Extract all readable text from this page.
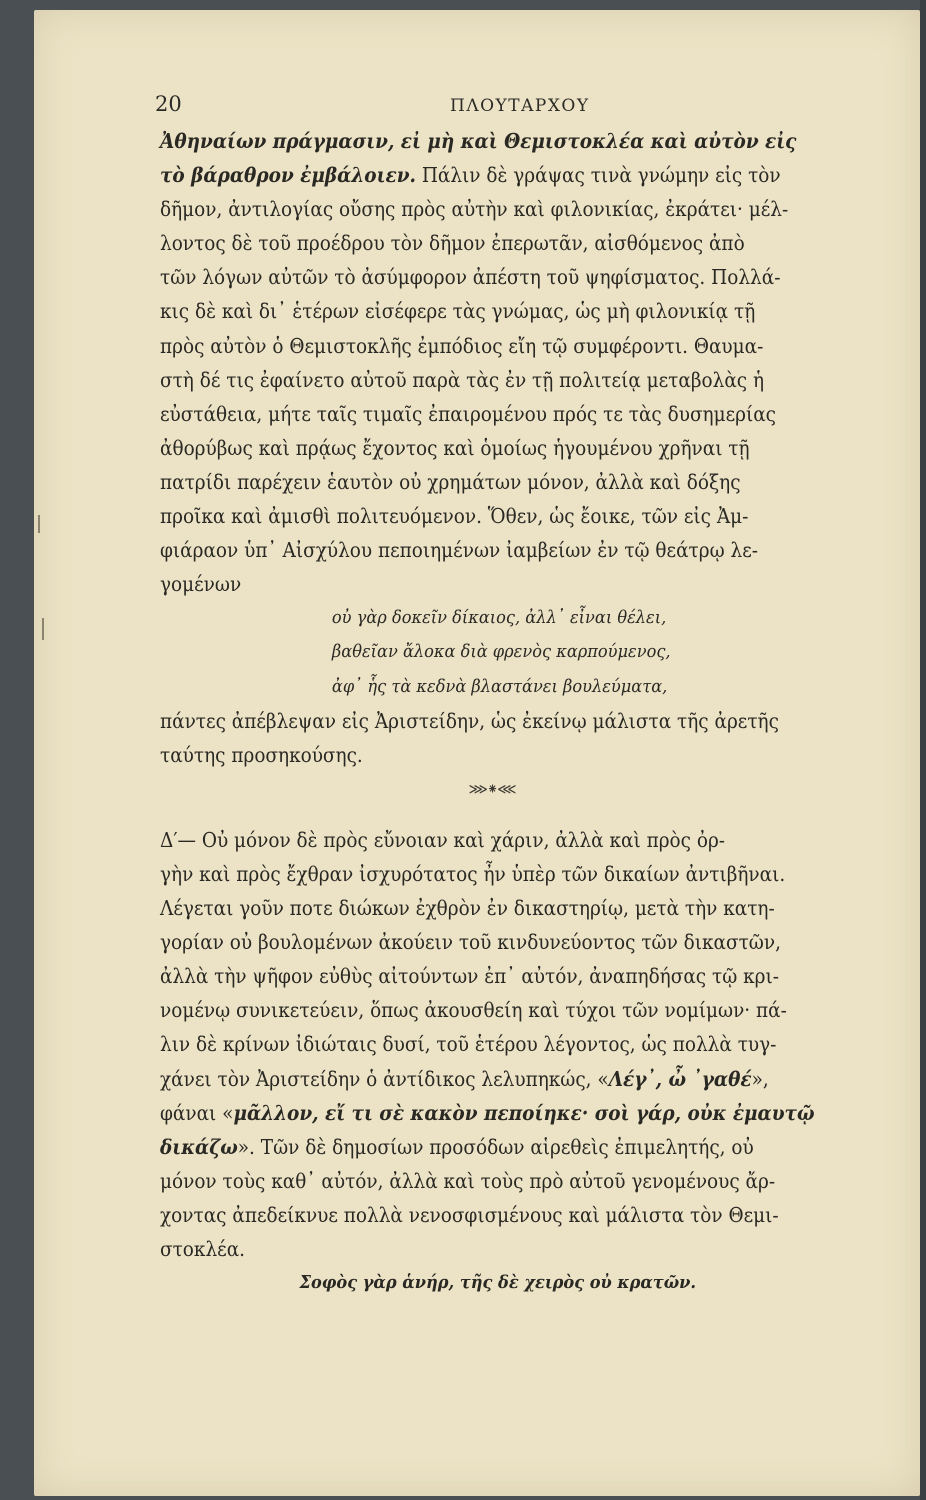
20	ΠΛΟΥΤΑΡΧΟΥ
Ἀθηναίων πράγμασιν, εἰ μὴ καὶ Θεμιστοκλέα καὶ αὐτὸν εἰς
τὸ βάραθρον ἐμβάλοιεν. Πάλιν δὲ γράψας τινὰ γνώμην εἰς τὸν
δῆμον, ἀντιλογίας οὔσης πρὸς αὐτὴν καὶ φιλονικίας, ἐκράτει· μέλ-
λοντος δὲ τοῦ προέδρου τὸν δῆμον ἐπερωτᾶν, αἰσθόμενος ἀπὸ
τῶν λόγων αὐτῶν τὸ ἀσύμφορον ἀπέστη τοῦ ψηφίσματος. Πολλά-
κις δὲ καὶ δι᾿ ἑτέρων εἰσέφερε τὰς γνώμας, ὡς μὴ φιλονικίᾳ τῇ
πρὸς αὐτὸν ὁ Θεμιστοκλῆς ἐμπόδιος εἴη τῷ συμφέροντι. Θαυμα-
στὴ δέ τις ἐφαίνετο αὐτοῦ παρὰ τὰς ἐν τῇ πολιτείᾳ μεταβολὰς ἡ
εὐστάθεια, μήτε ταῖς τιμαῖς ἐπαιρομένου πρός τε τὰς δυσημερίας
ἀθορύβως καὶ πρᾴως ἔχοντος καὶ ὁμοίως ἡγουμένου χρῆναι τῇ
πατρίδι παρέχειν ἑαυτὸν οὐ χρημάτων μόνον, ἀλλὰ καὶ δόξης
προῖκα καὶ ἀμισθὶ πολιτευόμενον. Ὅθεν, ὡς ἔοικε, τῶν εἰς Ἀμ-
φιάραον ὑπ᾿ Αἰσχύλου πεποιημένων ἰαμβείων ἐν τῷ θεάτρῳ λε-
γομένων
οὐ γὰρ δοκεῖν δίκαιος, ἀλλ᾿ εἶναι θέλει,
βαθεῖαν ἄλοκα διὰ φρενὸς καρπούμενος,
ἀφ᾿ ἧς τὰ κεδνὰ βλαστάνει βουλεύματα,
πάντες ἀπέβλεψαν εἰς Ἀριστείδην, ὡς ἐκείνῳ μάλιστα τῆς ἀρετῆς
ταύτης προσηκούσης.
⋙⁕⋘
Δ′— Οὐ μόνον δὲ πρὸς εὔνοιαν καὶ χάριν, ἀλλὰ καὶ πρὸς ὀρ-
γὴν καὶ πρὸς ἔχθραν ἰσχυρότατος ἦν ὑπὲρ τῶν δικαίων ἀντιβῆναι.
Λέγεται γοῦν ποτε διώκων ἐχθρὸν ἐν δικαστηρίῳ, μετὰ τὴν κατη-
γορίαν οὐ βουλομένων ἀκούειν τοῦ κινδυνεύοντος τῶν δικαστῶν,
ἀλλὰ τὴν ψῆφον εὐθὺς αἰτούντων ἐπ᾿ αὐτόν, ἀναπηδήσας τῷ κρι-
νομένῳ συνικετεύειν, ὅπως ἀκουσθείη καὶ τύχοι τῶν νομίμων· πά-
λιν δὲ κρίνων ἰδιώταις δυσί, τοῦ ἑτέρου λέγοντος, ὡς πολλὰ τυγ-
χάνει τὸν Ἀριστείδην ὁ ἀντίδικος λελυπηκώς, «Λέγ᾿, ὦ ᾿γαθέ»,
φάναι «μᾶλλον, εἴ τι σὲ κακὸν πεποίηκε· σοὶ γάρ, οὐκ ἐμαυτῷ
δικάζω». Τῶν δὲ δημοσίων προσόδων αἱρεθεὶς ἐπιμελητής, οὐ
μόνον τοὺς καθ᾿ αὐτόν, ἀλλὰ καὶ τοὺς πρὸ αὐτοῦ γενομένους ἄρ-
χοντας ἀπεδείκνυε πολλὰ νενοσφισμένους καὶ μάλιστα τὸν Θεμι-
στοκλέα.
Σοφὸς γὰρ ἁνήρ, τῆς δὲ χειρὸς οὐ κρατῶν.
